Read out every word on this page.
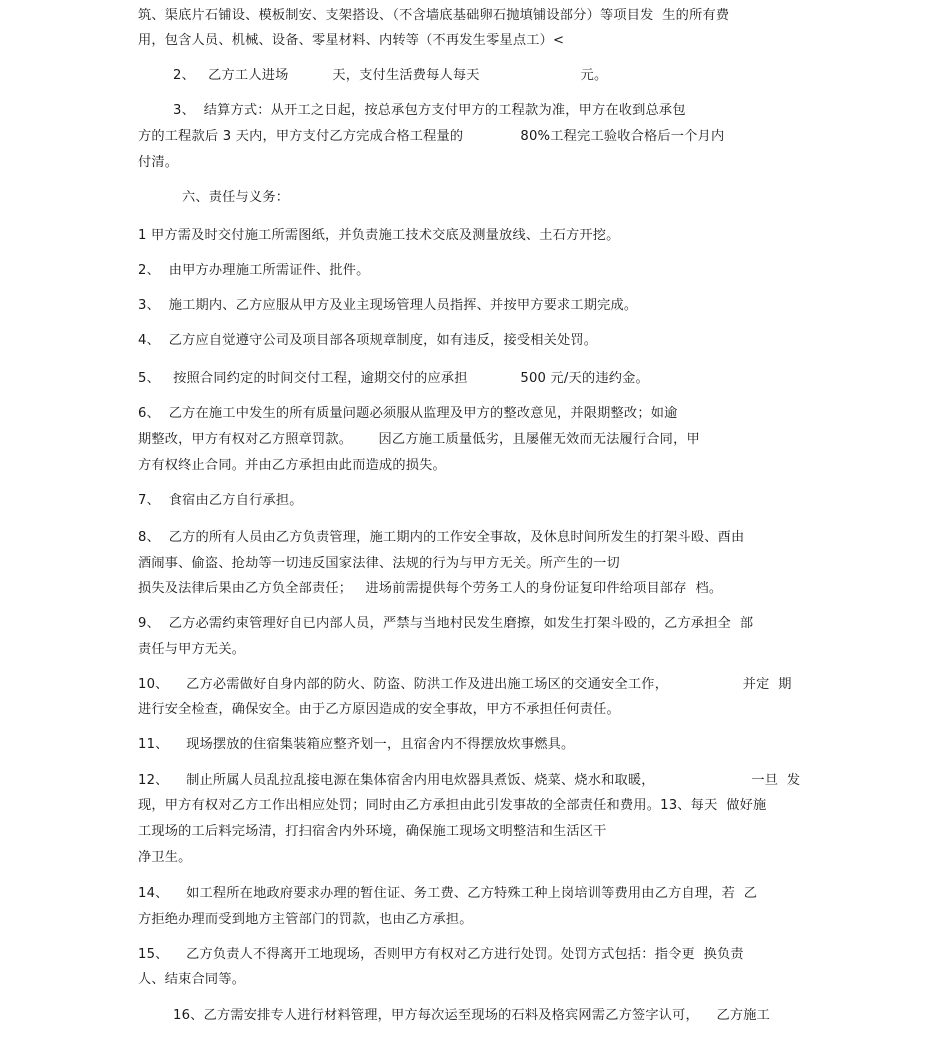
筑、渠底片石铺设、模板制安、支架搭设、（不含墙底基础卵石抛填铺设部分）等项目发  生的所有费
用，包含人员、机械、设备、零星材料、内转等（不再发生零星点工）<
2、   乙方工人进场          天，支付生活费每人每天                       元。
3、  结算方式：从开工之日起，按总承包方支付甲方的工程款为准，甲方在收到总承包
方的工程款后 3 天内，甲方支付乙方完成合格工程量的             80%工程完工验收合格后一个月内
付清。
六、责任与义务：
1 甲方需及时交付施工所需图纸，并负责施工技术交底及测量放线、土石方开挖。
2、  由甲方办理施工所需证件、批件。
3、  施工期内、乙方应服从甲方及业主现场管理人员指挥、并按甲方要求工期完成。
4、  乙方应自觉遵守公司及项目部各项规章制度，如有违反，接受相关处罚。
5、   按照合同约定的时间交付工程，逾期交付的应承担            500 元/天的违约金。
6、  乙方在施工中发生的所有质量问题必须服从监理及甲方的整改意见，并限期整改；如逾
期整改，甲方有权对乙方照章罚款。      因乙方施工质量低劣，且屡催无效而无法履行合同，甲
方有权终止合同。并由乙方承担由此而造成的损失。
7、  食宿由乙方自行承担。
8、  乙方的所有人员由乙方负责管理，施工期内的工作安全事故，及休息时间所发生的打架斗殴、酉由
酒闹事、偷盗、抢劫等一切违反国家法律、法规的行为与甲方无关。所产生的一切
损失及法律后果由乙方负全部责任；   进场前需提供每个劳务工人的身份证复印件给项目部存  档。
9、  乙方必需约束管理好自已内部人员，严禁与当地村民发生磨擦，如发生打架斗殴的，乙方承担全  部
责任与甲方无关。
10、    乙方必需做好自身内部的防火、防盗、防洪工作及进出施工场区的交通安全工作，                 并定  期
进行安全检查，确保安全。由于乙方原因造成的安全事故，甲方不承担任何责任。
11、    现场摆放的住宿集装箱应整齐划一，且宿舍内不得摆放炊事燃具。
12、    制止所属人员乱拉乱接电源在集体宿舍内用电炊器具煮饭、烧菜、烧水和取暖，                      一旦  发
现，甲方有权对乙方工作出相应处罚；同时由乙方承担由此引发事故的全部责任和费用。13、每天  做好施
工现场的工后料完场清，打扫宿舍内外环境，确保施工现场文明整洁和生活区干
净卫生。
14、    如工程所在地政府要求办理的暂住证、务工费、乙方特殊工种上岗培训等费用由乙方自理，若  乙
方拒绝办理而受到地方主管部门的罚款，也由乙方承担。
15、    乙方负责人不得离开工地现场，否则甲方有权对乙方进行处罚。处罚方式包括：指令更  换负责
人、结束合同等。
16、乙方需安排专人进行材料管理，甲方每次运至现场的石料及格宾网需乙方签字认可，    乙方施工
